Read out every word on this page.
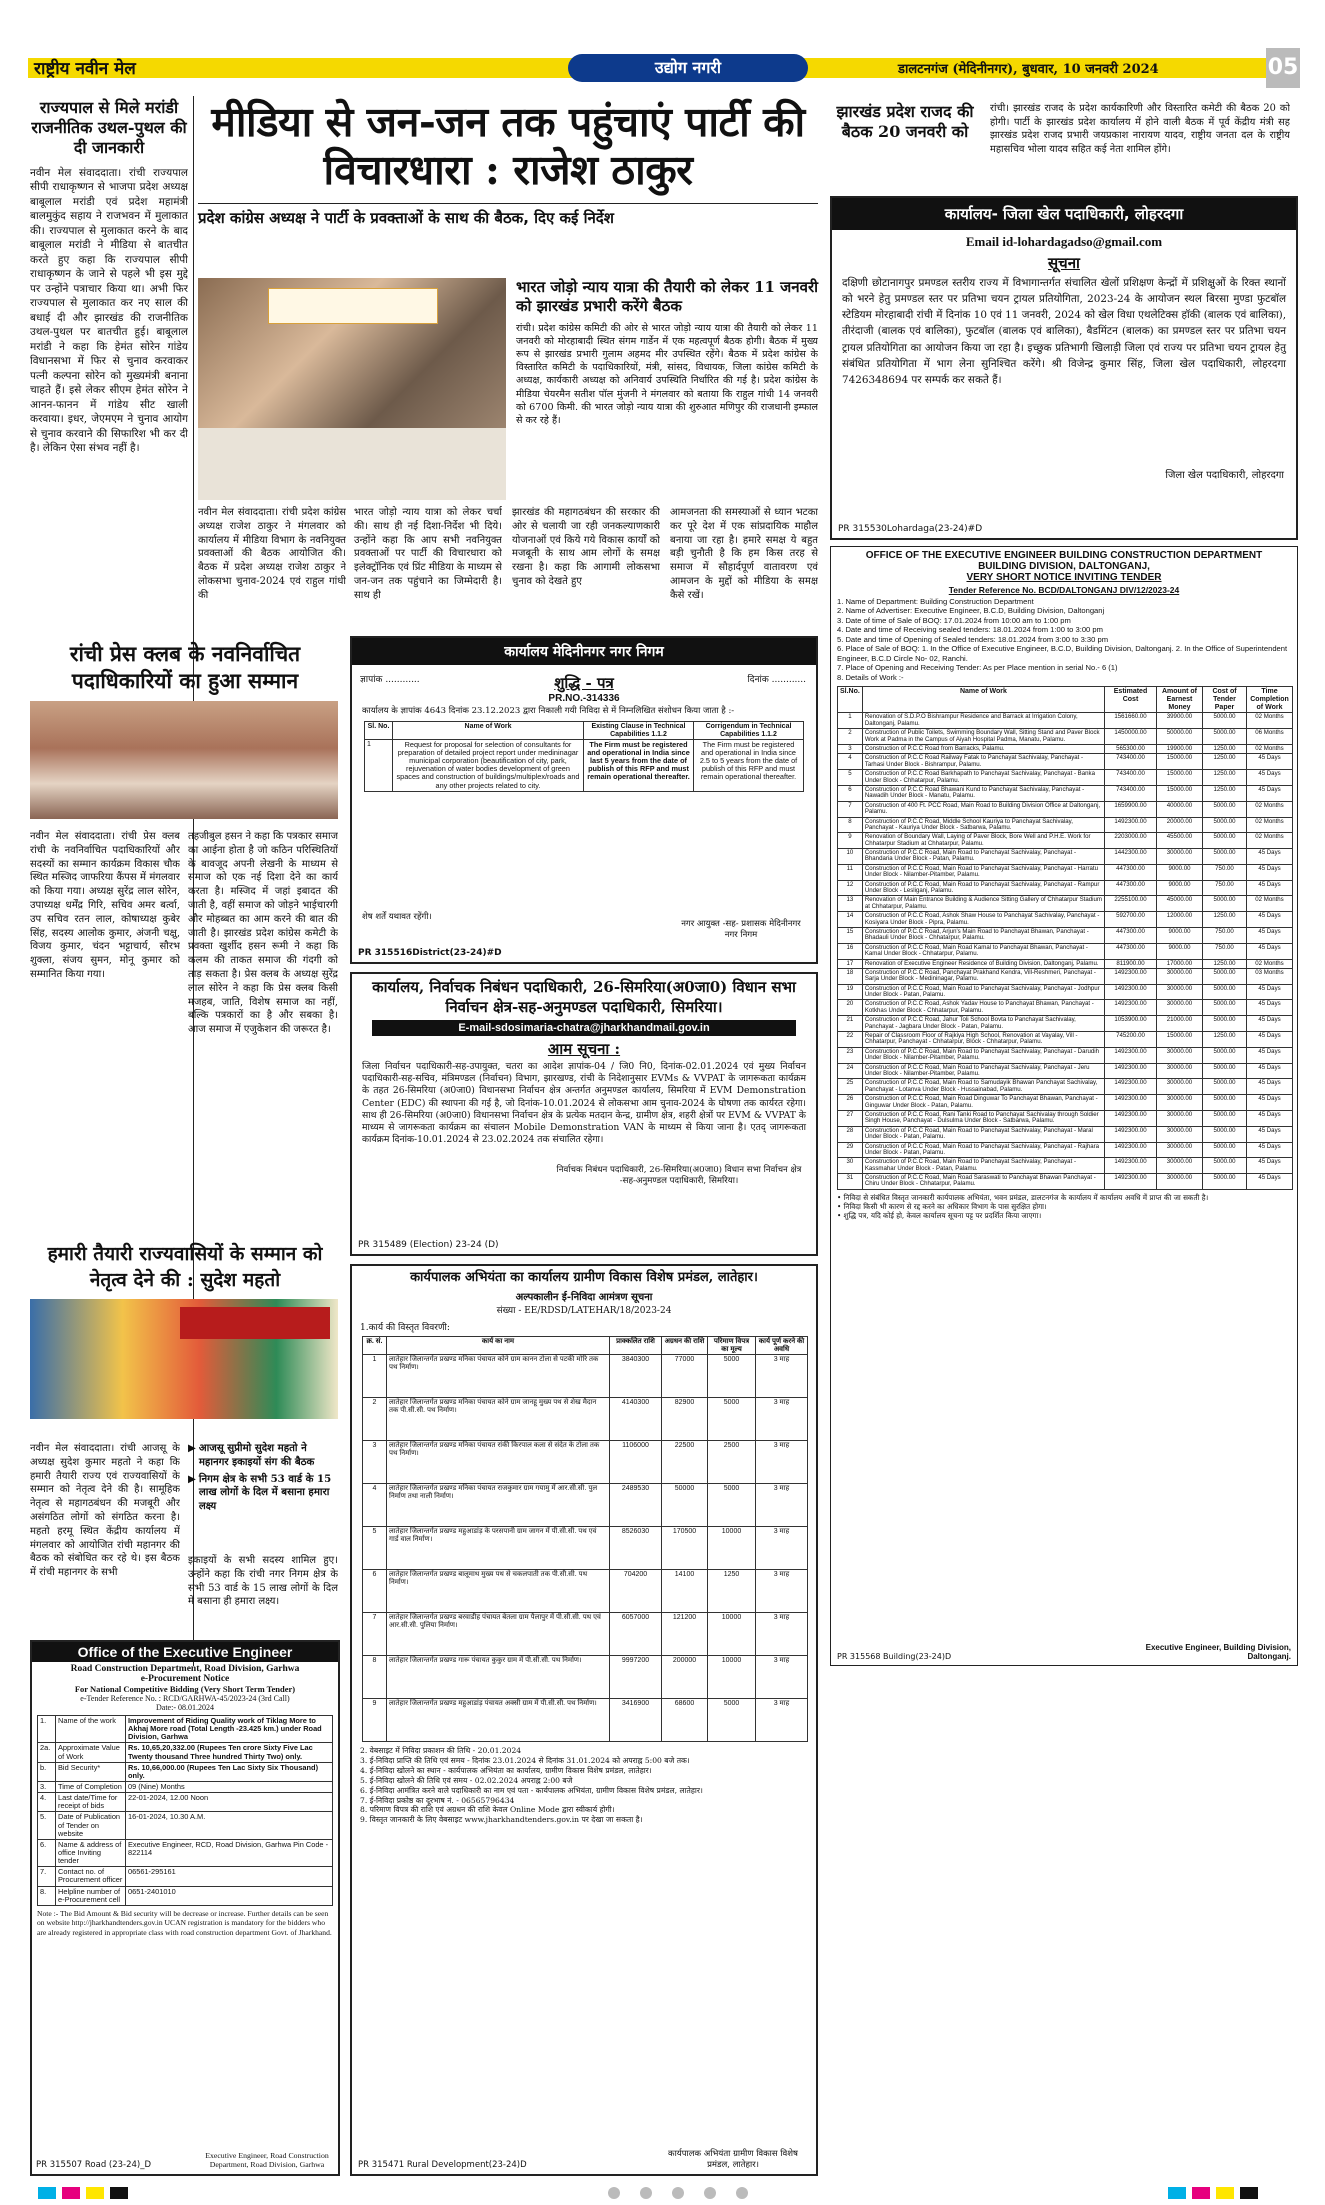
राष्ट्रीय नवीन मेल	उद्योग नगरी	डालटनगंज (मेदिनीनगर), बुधवार, 10 जनवरी 2024	05
राज्यपाल से मिले मरांडी राजनीतिक उथल-पुथल की दी जानकारी
नवीन मेल संवाददाता। रांची राज्यपाल सीपी राधाकृष्णन से भाजपा प्रदेश अध्यक्ष बाबूलाल मरांडी एवं प्रदेश महामंत्री बालमुकुंद सहाय ने राजभवन में मुलाकात की। राज्यपाल से मुलाकात करने के बाद बाबूलाल मरांडी ने मीडिया से बातचीत करते हुए कहा कि राज्यपाल सीपी राधाकृष्णन के जाने से पहले भी इस मुद्दे पर उन्होंने पत्राचार किया था। अभी फिर राज्यपाल से मुलाकात कर नए साल की बधाई दी और झारखंड की राजनीतिक उथल-पुथल पर बातचीत हुई। बाबूलाल मरांडी ने कहा कि हेमंत सोरेन गांडेय विधानसभा में फिर से चुनाव करवाकर पत्नी कल्पना सोरेन को मुख्यमंत्री बनाना चाहते हैं। इसे लेकर सीएम हेमंत सोरेन ने आनन-फानन में गांडेय सीट खाली करवाया। इधर, जेएमएम ने चुनाव आयोग से चुनाव करवाने की सिफारिश भी कर दी है। लेकिन ऐसा संभव नहीं है।
मीडिया से जन-जन तक पहुंचाएं पार्टी की विचारधारा : राजेश ठाकुर
प्रदेश कांग्रेस अध्यक्ष ने पार्टी के प्रवक्ताओं के साथ की बैठक, दिए कई निर्देश
भारत जोड़ो न्याय यात्रा की तैयारी को लेकर 11 जनवरी को झारखंड प्रभारी करेंगे बैठक
रांची। प्रदेश कांग्रेस कमिटी की ओर से भारत जोड़ो न्याय यात्रा की तैयारी को लेकर 11 जनवरी को मोरहाबादी स्थित संगम गार्डेन में एक महत्वपूर्ण बैठक होगी। बैठक में मुख्य रूप से झारखंड प्रभारी गुलाम अहमद मीर उपस्थित रहेंगे। बैठक में प्रदेश कांग्रेस के विस्तारित कमिटी के पदाधिकारियों, मंत्री, सांसद, विधायक, जिला कांग्रेस कमिटी के अध्यक्ष, कार्यकारी अध्यक्ष को अनिवार्य उपस्थिति निर्धारित की गई है। प्रदेश कांग्रेस के मीडिया चेयरमैन सतीश पॉल मुंजनी ने मंगलवार को बताया कि राहुल गांधी 14 जनवरी को 6700 किमी. की भारत जोड़ो न्याय यात्रा की शुरुआत मणिपुर की राजधानी इम्फाल से कर रहे हैं।
नवीन मेल संवाददाता। रांची प्रदेश कांग्रेस अध्यक्ष राजेश ठाकुर ने मंगलवार को कार्यालय में मीडिया विभाग के नवनियुक्त प्रवक्ताओं की बैठक आयोजित की। बैठक में प्रदेश अध्यक्ष राजेश ठाकुर ने लोकसभा चुनाव-2024 एवं राहुल गांधी की
भारत जोड़ो न्याय यात्रा को लेकर चर्चा की। साथ ही नई दिशा-निर्देश भी दिये। उन्होंने कहा कि आप सभी नवनियुक्त प्रवक्ताओं पर पार्टी की विचारधारा को इलेक्ट्रॉनिक एवं प्रिंट मीडिया के माध्यम से जन-जन तक पहुंचाने का जिम्मेदारी है। साथ ही
झारखंड की महागठबंधन की सरकार की ओर से चलायी जा रही जनकल्याणकारी योजनाओं एवं किये गये विकास कार्यों को मजबूती के साथ आम लोगों के समक्ष रखना है। कहा कि आगामी लोकसभा चुनाव को देखते हुए
आमजनता की समस्याओं से ध्यान भटका कर पूरे देश में एक सांप्रदायिक माहौल बनाया जा रहा है। हमारे समक्ष ये बहुत बड़ी चुनौती है कि हम किस तरह से समाज में सौहार्दपूर्ण वातावरण एवं आमजन के मुद्दों को मीडिया के समक्ष कैसे रखें।
झारखंड प्रदेश राजद की बैठक 20 जनवरी को
रांची। झारखंड राजद के प्रदेश कार्यकारिणी और विस्तारित कमेटी की बैठक 20 को होगी। पार्टी के झारखंड प्रदेश कार्यालय में होने वाली बैठक में पूर्व केंद्रीय मंत्री सह झारखंड प्रदेश राजद प्रभारी जयप्रकाश नारायण यादव, राष्ट्रीय जनता दल के राष्ट्रीय महासचिव भोला यादव सहित कई नेता शामिल होंगे।
कार्यालय- जिला खेल पदाधिकारी, लोहरदगा
Email id-lohardagadso@gmail.com
सूचना
दक्षिणी छोटानागपुर प्रमण्डल स्तरीय राज्य में विभागान्तर्गत संचालित खेलों प्रशिक्षण केन्द्रों में प्रशिक्षुओं के रिक्त स्थानों को भरने हेतु प्रमण्डल स्तर पर प्रतिभा चयन ट्रायल प्रतियोगिता, 2023-24 के आयोजन स्थल बिरसा मुण्डा फुटबॉल स्टेडियम मोरहाबादी रांची में दिनांक 10 एवं 11 जनवरी, 2024 को खेल विधा एथलेटिक्स हॉकी (बालक एवं बालिका), तीरंदाजी (बालक एवं बालिका), फुटबॉल (बालक एवं बालिका), बैडमिंटन (बालक) का प्रमण्डल स्तर पर प्रतिभा चयन ट्रायल प्रतियोगिता का आयोजन किया जा रहा है। इच्छुक प्रतिभागी खिलाड़ी जिला एवं राज्य पर प्रतिभा चयन ट्रायल हेतु संबंधित प्रतियोगिता में भाग लेना सुनिश्चित करेंगे। श्री विजेन्द्र कुमार सिंह, जिला खेल पदाधिकारी, लोहरदगा 7426348694 पर सम्पर्क कर सकते हैं।
जिला खेल पदाधिकारी, लोहरदगा
PR 315530Lohardaga(23-24)#D
OFFICE OF THE EXECUTIVE ENGINEER BUILDING CONSTRUCTION DEPARTMENT
BUILDING DIVISION, DALTONGANJ,
VERY SHORT NOTICE INVITING TENDER
Tender Reference No. BCD/DALTONGANJ DIV/12/2023-24
1. Name of Department: Building Construction Department
2. Name of Advertiser: Executive Engineer, B.C.D, Building Division, Daltonganj
3. Date of time of Sale of BOQ: 17.01.2024 from 10:00 am to 1:00 pm
4. Date and time of Receiving sealed tenders: 18.01.2024 from 1:00 to 3:00 pm
5. Date and time of Opening of Sealed tenders: 18.01.2024 from 3:00 to 3:30 pm
6. Place of Sale of BOQ: 1. In the Office of Executive Engineer, B.C.D, Building Division, Daltonganj. 2. In the Office of Superintendent Engineer, B.C.D Circle No- 02, Ranchi.
7. Place of Opening and Receiving Tender: As per Place mention in serial No.- 6 (1)
8. Details of Work :-
Sl.No.	Name of Work	Estimated Cost	Amount of Earnest Money	Cost of Tender Paper	Time Completion of Work
1	Renovation of S.D.P.O Bishrampur Residence and Barrack at Irrigation Colony, Daltonganj, Palamu.	1561660.00	39900.00	5000.00	02 Months
2	Construction of Public Toilets, Swimming Boundary Wall, Sitting Stand and Paver Block Work at Padma in the Campus of Aiyah Hospital Padma, Manatu, Palamu.	1450000.00	50000.00	5000.00	06 Months
3	Construction of P.C.C Road from Barracks, Palamu.	565300.00	19900.00	1250.00	02 Months
4	Construction of P.C.C Road Railway Fatak to Panchayat Sachivalay, Panchayat - Tarhasi Under Block - Bishrampur, Palamu.	743400.00	15000.00	1250.00	45 Days
5	Construction of P.C.C Road Barkhapath to Panchayat Sachivalay, Panchayat - Banka Under Block - Chhatarpur, Palamu.	743400.00	15000.00	1250.00	45 Days
6	Construction of P.C.C Road Bhawani Kund to Panchayat Sachivalay, Panchayat - Nawadih Under Block - Manatu, Palamu.	743400.00	15000.00	1250.00	45 Days
7	Construction of 400 Ft. PCC Road, Main Road to Building Division Office at Daltonganj, Palamu.	1659900.00	40000.00	5000.00	02 Months
8	Construction of P.C.C Road, Middle School Kauriya to Panchayat Sachivalay, Panchayat - Kauriya Under Block - Satbarwa, Palamu.	1492300.00	20000.00	5000.00	02 Months
9	Renovation of Boundary Wall, Laying of Paver Block, Bore Well and P.H.E. Work for Chhatarpur Stadium at Chhatarpur, Palamu.	2203000.00	45500.00	5000.00	02 Months
10	Construction of P.C.C Road, Main Road to Panchayat Sachivalay, Panchayat - Bhandaria Under Block - Patan, Palamu.	1442300.00	30000.00	5000.00	45 Days
11	Construction of P.C.C Road, Main Road to Panchayat Sachivalay, Panchayat - Harratu Under Block - Nilamber-Pitamber, Palamu.	447300.00	9000.00	750.00	45 Days
12	Construction of P.C.C Road, Main Road to Panchayat Sachivalay, Panchayat - Rampur Under Block - Lesliganj, Palamu.	447300.00	9000.00	750.00	45 Days
13	Renovation of Main Entrance Building & Audience Sitting Gallery of Chhatarpur Stadium at Chhatarpur, Palamu.	2255100.00	45000.00	5000.00	02 Months
14	Construction of P.C.C Road, Ashok Shaw House to Panchayat Sachivalay, Panchayat - Kosiyara Under Block - Pipra, Palamu.	592700.00	12000.00	1250.00	45 Days
15	Construction of P.C.C Road, Arjun's Main Road to Panchayat Bhawan, Panchayat - Bhadauli Under Block - Chhatarpur, Palamu.	447300.00	9000.00	750.00	45 Days
16	Construction of P.C.C Road, Main Road Kamal to Panchayat Bhawan, Panchayat - Kamal Under Block - Chhatarpur, Palamu.	447300.00	9000.00	750.00	45 Days
17	Renovation of Executive Engineer Residence of Building Division, Daltonganj, Palamu.	811900.00	17000.00	1250.00	02 Months
18	Construction of P.C.C Road, Panchayat Prakhand Kendra, Vill-Reshmeri, Panchayat - Sarja Under Block - Medininagar, Palamu.	1492300.00	30000.00	5000.00	03 Months
19	Construction of P.C.C Road, Main Road to Panchayat Sachivalay, Panchayat - Jodhpur Under Block - Patan, Palamu.	1492300.00	30000.00	5000.00	45 Days
20	Construction of P.C.C Road, Ashok Yadav House to Panchayat Bhawan, Panchayat - Kotkhas Under Block - Chhatarpur, Palamu.	1492300.00	30000.00	5000.00	45 Days
21	Construction of P.C.C Road, Jahur Toli School Bovta to Panchayat Sachivalay, Panchayat - Jagbara Under Block - Patan, Palamu.	1053900.00	21000.00	5000.00	45 Days
22	Repair of Classroom Floor of Rajkiya High School, Renovation at Vayalay, Vill - Chhatarpur, Panchayat - Chhatarpur, Block - Chhatarpur, Palamu.	745200.00	15000.00	1250.00	45 Days
23	Construction of P.C.C Road, Main Road to Panchayat Sachivalay, Panchayat - Darudih Under Block - Nilamber-Pitamber, Palamu.	1492300.00	30000.00	5000.00	45 Days
24	Construction of P.C.C Road, Main Road to Panchayat Sachivalay, Panchayat - Jeru Under Block - Nilamber-Pitamber, Palamu.	1492300.00	30000.00	5000.00	45 Days
25	Construction of P.C.C Road, Main Road to Samudayik Bhawan Panchayat Sachivalay, Panchayat - Lotanva Under Block - Hussainabad, Palamu.	1492300.00	30000.00	5000.00	45 Days
26	Construction of P.C.C Road, Main Road Dinguwar To Panchayat Bhawan, Panchayat - Ginguwar Under Block - Patan, Palamu.	1492300.00	30000.00	5000.00	45 Days
27	Construction of P.C.C Road, Rani Tanki Road to Panchayat Sachivalay through Soldier Singh House, Panchayat - Dulsulma Under Block - Satbarwa, Palamu.	1492300.00	30000.00	5000.00	45 Days
28	Construction of P.C.C Road, Main Road to Panchayat Sachivalay, Panchayat - Maral Under Block - Patan, Palamu.	1492300.00	30000.00	5000.00	45 Days
29	Construction of P.C.C Road, Main Road to Panchayat Sachivalay, Panchayat - Rajhara Under Block - Patan, Palamu.	1492300.00	30000.00	5000.00	45 Days
30	Construction of P.C.C Road, Main Road to Panchayat Sachivalay, Panchayat - Kassmahar Under Block - Patan, Palamu.	1492300.00	30000.00	5000.00	45 Days
31	Construction of P.C.C Road, Main Road Saraswati to Panchayat Bhawan Panchayat - Chiru Under Block - Chhatarpur, Palamu.	1492300.00	30000.00	5000.00	45 Days
• निविदा से संबंधित विस्तृत जानकारी कार्यपालक अभियंता, भवन प्रमंडल, डालटनगंज के कार्यालय में कार्यालय अवधि में प्राप्त की जा सकती है।
• निविदा किसी भी कारण से रद्द करने का अधिकार विभाग के पास सुरक्षित होगा।
• शुद्धि पत्र, यदि कोई हो, केवल कार्यालय सूचना पट्ट पर प्रदर्शित किया जाएगा।
Executive Engineer, Building Division, Daltonganj.
PR 315568 Building(23-24)D
रांची प्रेस क्लब के नवनिर्वाचित पदाधिकारियों का हुआ सम्मान
नवीन मेल संवाददाता। रांची प्रेस क्लब रांची के नवनिर्वाचित पदाधिकारियों और सदस्यों का सम्मान कार्यक्रम विकास चौक स्थित मस्जिद जाफरिया कैंपस में मंगलवार को किया गया। अध्यक्ष सुरेंद्र लाल सोरेन, उपाध्यक्ष धर्मेंद्र गिरि, सचिव अमर बर्त्वा, उप सचिव रतन लाल, कोषाध्यक्ष कुबेर सिंह, सदस्य आलोक कुमार, अंजनी चक्षु, विजय कुमार, चंदन भट्टाचार्य, सौरभ शुक्ला, संजय सुमन, मोनू कुमार को सम्मानित किया गया।
तहजीबुल हसन ने कहा कि पत्रकार समाज का आईना होता है जो कठिन परिस्थितियों के बावजूद अपनी लेखनी के माध्यम से समाज को एक नई दिशा देने का कार्य करता है। मस्जिद में जहां इबादत की जाती है, वहीं समाज को जोड़ने भाईचारगी और मोहब्बत का आम करने की बात की जाती है। झारखंड प्रदेश कांग्रेस कमेटी के प्रवक्ता खुर्शीद हसन रूमी ने कहा कि कलम की ताकत समाज की गंदगी को ताड़ सकता है। प्रेस क्लब के अध्यक्ष सुरेंद्र लाल सोरेन ने कहा कि प्रेस क्लब किसी मजहब, जाति, विशेष समाज का नहीं, बल्कि पत्रकारों का है और सबका है। आज समाज में एजुकेशन की जरूरत है।
कार्यालय मेदिनीनगर नगर निगम
ज्ञापांक ............	दिनांक ............
शुद्धि - पत्र
PR.NO.-314336
कार्यालय के ज्ञापांक 4643 दिनांक 23.12.2023 द्वारा निकाली गयी निविदा से में निम्नलिखित संशोधन किया जाता है :-
Sl. No.	Name of Work	Existing Clause in Technical Capabilities 1.1.2	Corrigendum in Technical Capabilities 1.1.2
1	Request for proposal for selection of consultants for preparation of detailed project report under medininagar municipal corporation (beautification of city, park, rejuvenation of water bodies development of green spaces and construction of buildings/multiplex/roads and any other projects related to city.	The Firm must be registered and operational in India since last 5 years from the date of publish of this RFP and must remain operational thereafter.	The Firm must be registered and operational in India since 2.5 to 5 years from the date of publish of this RFP and must remain operational thereafter.
शेष शर्तें यथावत रहेंगी।
नगर आयुक्त -सह- प्रशासक मेदिनीनगर नगर निगम
PR 315516District(23-24)#D
कार्यालय, निर्वाचक निबंधन पदाधिकारी, 26-सिमरिया(अ0जा0) विधान सभा निर्वाचन क्षेत्र-सह-अनुमण्डल पदाधिकारी, सिमरिया।
E-mail-sdosimaria-chatra@jharkhandmail.gov.in
आम सूचना :
जिला निर्वाचन पदाधिकारी-सह-उपायुक्त, चतरा का आदेश ज्ञापांक-04 / जि0 नि0, दिनांक-02.01.2024 एवं मुख्य निर्वाचन पदाधिकारी-सह-सचिव, मंत्रिमण्डल (निर्वाचन) विभाग, झारखण्ड, रांची के निदेशानुसार EVMs & VVPAT के जागरूकता कार्यक्रम के तहत 26-सिमरिया (अ0जा0) विधानसभा निर्वाचन क्षेत्र अन्तर्गत अनुमण्डल कार्यालय, सिमरिया में EVM Demonstration Center (EDC) की स्थापना की गई है, जो दिनांक-10.01.2024 से लोकसभा आम चुनाव-2024 के घोषणा तक कार्यरत रहेगा। साथ ही 26-सिमरिया (अ0जा0) विधानसभा निर्वाचन क्षेत्र के प्रत्येक मतदान केन्द्र, ग्रामीण क्षेत्र, शहरी क्षेत्रों पर EVM & VVPAT के माध्यम से जागरूकता कार्यक्रम का संचालन Mobile Demonstration VAN के माध्यम से किया जाना है। एतद् जागरूकता कार्यक्रम दिनांक-10.01.2024 से 23.02.2024 तक संचालित रहेगा।
निर्वाचक निबंधन पदाधिकारी, 26-सिमरिया(अ0जा0) विधान सभा निर्वाचन क्षेत्र -सह-अनुमण्डल पदाधिकारी, सिमरिया।
PR 315489 (Election) 23-24 (D)
हमारी तैयारी राज्यवासियों के सम्मान को नेतृत्व देने की : सुदेश महतो
नवीन मेल संवाददाता। रांची आजसू के अध्यक्ष सुदेश कुमार महतो ने कहा कि हमारी तैयारी राज्य एवं राज्यवासियों के सम्मान को नेतृत्व देने की है। सामूहिक नेतृत्व से महागठबंधन की मजबूरी और असंगठित लोगों को संगठित करना है। महतो हरमू स्थित केंद्रीय कार्यालय में मंगलवार को आयोजित रांची महानगर की बैठक को संबोधित कर रहे थे। इस बैठक में रांची महानगर के सभी
▶ आजसू सुप्रीमो सुदेश महतो ने महानगर इकाइयों संग की बैठक
▶ निगम क्षेत्र के सभी 53 वार्ड के 15 लाख लोगों के दिल में बसाना हमारा लक्ष्य
इकाइयों के सभी सदस्य शामिल हुए। उन्होंने कहा कि रांची नगर निगम क्षेत्र के सभी 53 वार्ड के 15 लाख लोगों के दिल में बसाना ही हमारा लक्ष्य।
Office of the Executive Engineer
Road Construction Department, Road Division, Garhwa
e-Procurement Notice
For National Competitive Bidding (Very Short Term Tender)
e-Tender Reference No. : RCD/GARHWA-45/2023-24 (3rd Call)
Date:- 08.01.2024
1.	Name of the work	Improvement of Riding Quality work of Tiklag More to Akhaj More road (Total Length -23.425 km.) under Road Division, Garhwa
2a.	Approximate Value of Work	Rs. 10,65,20,332.00 (Rupees Ten crore Sixty Five Lac Twenty thousand Three hundred Thirty Two) only.
b.	Bid Security*	Rs. 10,66,000.00 (Rupees Ten Lac Sixty Six Thousand) only.
3.	Time of Completion	09 (Nine) Months
4.	Last date/Time for receipt of bids	22-01-2024, 12.00 Noon
5.	Date of Publication of Tender on website	16-01-2024, 10.30 A.M.
6.	Name & address of office Inviting tender	Executive Engineer, RCD, Road Division, Garhwa Pin Code - 822114
7.	Contact no. of Procurement officer	06561-295161
8.	Helpline number of e-Procurement cell	0651-2401010
Note :- The Bid Amount & Bid security will be decrease or increase. Further details can be seen on website http://jharkhandtenders.gov.in UCAN registration is mandatory for the bidders who are already registered in appropriate class with road construction department Govt. of Jharkhand.
Executive Engineer, Road Construction Department, Road Division, Garhwa
PR 315507 Road (23-24)_D
कार्यपालक अभियंता का कार्यालय ग्रामीण विकास विशेष प्रमंडल, लातेहार।
अल्पकालीन ई-निविदा आमंत्रण सूचना
संख्या - EE/RDSD/LATEHAR/18/2023-24
1.कार्य की विस्तृत विवरणी:
क्र. सं.	कार्य का नाम	प्राक्कलित राशि	अग्रधन की राशि	परिमाण विपत्र का मूल्य	कार्य पूर्ण करने की अवधि
1	लातेहार जिलान्तर्गत प्रखण्ड मनिका पंचायत कोने ग्राम कानन टोला से पटकी मोरि तक पथ निर्माण।	3840300	77000	5000	3 माह
2	लातेहार जिलान्तर्गत प्रखण्ड मनिका पंचायत कोने ग्राम जानहू मुख्य पथ से शेख मैदान तक पी.सी.सी. पथ निर्माण।	4140300	82900	5000	3 माह
3	लातेहार जिलान्तर्गत प्रखण्ड मनिका पंचायत रांकी किरपाल कला से संदेत के टोला तक पथ निर्माण।	1106000	22500	2500	3 माह
4	लातेहार जिलान्तर्गत प्रखण्ड मनिका पंचायत राजकुमार ग्राम गयामु में आर.सी.सी. पुल निर्माण तथा नाली निर्माण।	2489530	50000	5000	3 माह
5	लातेहार जिलान्तर्गत प्रखण्ड महुआडांड़ के परसपानी ग्राम जागन में पी.सी.सी. पथ एवं गार्ड वाल निर्माण।	8526030	170500	10000	3 माह
6	लातेहार जिलान्तर्गत प्रखण्ड बालूमाथ मुख्य पथ से चकलपाती तक पी.सी.सी. पथ निर्माण।	704200	14100	1250	3 माह
7	लातेहार जिलान्तर्गत प्रखण्ड बरवाडीह पंचायत बेतला ग्राम पैलापुर में पी.सी.सी. पथ एवं आर.सी.सी. पुलिया निर्माण।	6057000	121200	10000	3 माह
8	लातेहार जिलान्तर्गत प्रखण्ड गारू पंचायत कुकुर ग्राम में पी.सी.सी. पथ निर्माण।	9997200	200000	10000	3 माह
9	लातेहार जिलान्तर्गत प्रखण्ड महुआडांड़ पंचायत अक्सी ग्राम में पी.सी.सी. पथ निर्माण।	3416900	68600	5000	3 माह
2. वेबसाइट में निविदा प्रकाशन की तिथि - 20.01.2024
3. ई-निविदा प्राप्ति की तिथि एवं समय - दिनांक 23.01.2024 से दिनांक 31.01.2024 को अपराह्न 5:00 बजे तक।
4. ई-निविदा खोलने का स्थान - कार्यपालक अभियंता का कार्यालय, ग्रामीण विकास विशेष प्रमंडल, लातेहार।
5. ई-निविदा खोलने की तिथि एवं समय - 02.02.2024 अपराह्न 2:00 बजे
6. ई-निविदा आमंत्रित करने वाले पदाधिकारी का नाम एवं पता - कार्यपालक अभियंता, ग्रामीण विकास विशेष प्रमंडल, लातेहार।
7. ई-निविदा प्रकोष्ठ का दूरभाष नं. - 06565796434
8. परिमाण विपत्र की राशि एवं अग्रधन की राशि केवल Online Mode द्वारा स्वीकार्य होगी।
9. विस्तृत जानकारी के लिए वेबसाइट www.jharkhandtenders.gov.in पर देखा जा सकता है।
कार्यपालक अभियंता ग्रामीण विकास विशेष प्रमंडल, लातेहार।
PR 315471 Rural Development(23-24)D
